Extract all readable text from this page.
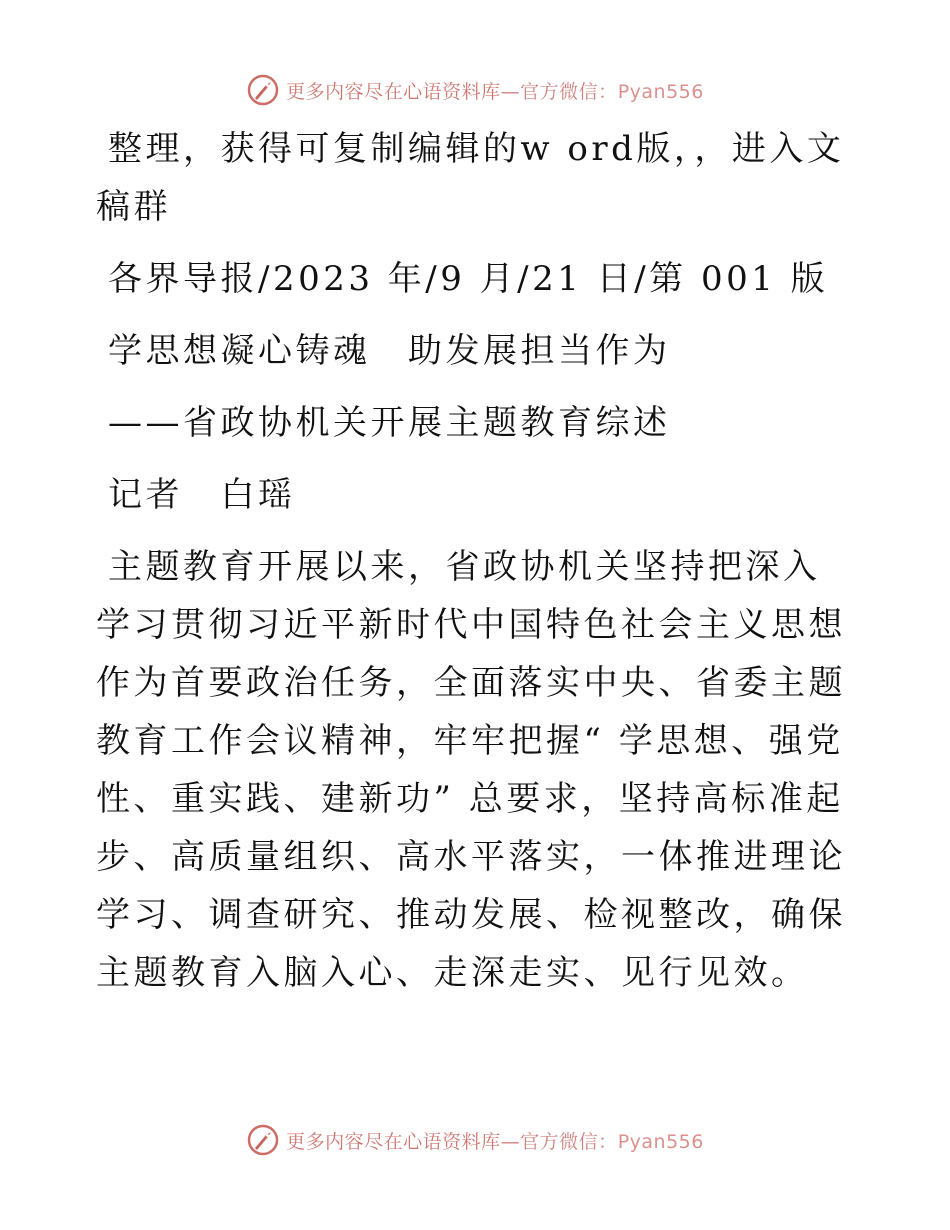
更多内容尽在心语资料库—官方微信：Pyan556

整理，获得可复制编辑的w ord版，，进入文稿群

各界导报/2023 年/9 月/21 日/第 001 版

学思想凝心铸魂　助发展担当作为

——省政协机关开展主题教育综述

记者　白瑶

主题教育开展以来，省政协机关坚持把深入学习贯彻习近平新时代中国特色社会主义思想作为首要政治任务，全面落实中央、省委主题教育工作会议精神，牢牢把握“ 学思想、强党性、重实践、建新功” 总要求，坚持高标准起步、高质量组织、高水平落实，一体推进理论学习、调查研究、推动发展、检视整改，确保主题教育入脑入心、走深走实、见行见效。

更多内容尽在心语资料库—官方微信：Pyan556
